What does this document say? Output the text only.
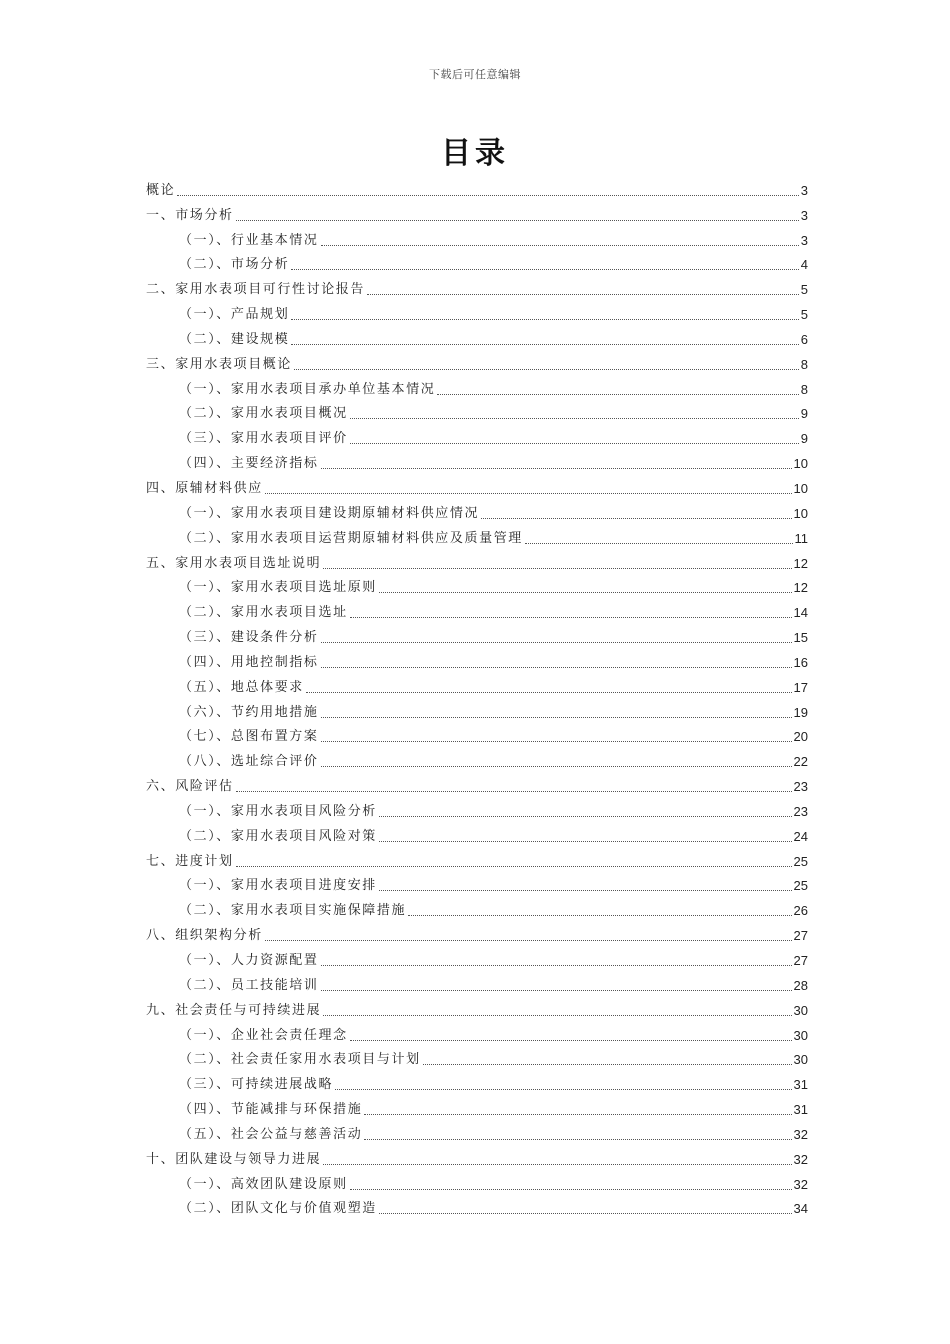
下载后可任意编辑
目录
概论	3
一、市场分析	3
（一）、行业基本情况	3
（二）、市场分析	4
二、家用水表项目可行性讨论报告	5
（一）、产品规划	5
（二）、建设规模	6
三、家用水表项目概论	8
（一）、家用水表项目承办单位基本情况	8
（二）、家用水表项目概况	9
（三）、家用水表项目评价	9
（四）、主要经济指标	10
四、原辅材料供应	10
（一）、家用水表项目建设期原辅材料供应情况	10
（二）、家用水表项目运营期原辅材料供应及质量管理	11
五、家用水表项目选址说明	12
（一）、家用水表项目选址原则	12
（二）、家用水表项目选址	14
（三）、建设条件分析	15
（四）、用地控制指标	16
（五）、地总体要求	17
（六）、节约用地措施	19
（七）、总图布置方案	20
（八）、选址综合评价	22
六、风险评估	23
（一）、家用水表项目风险分析	23
（二）、家用水表项目风险对策	24
七、进度计划	25
（一）、家用水表项目进度安排	25
（二）、家用水表项目实施保障措施	26
八、组织架构分析	27
（一）、人力资源配置	27
（二）、员工技能培训	28
九、社会责任与可持续进展	30
（一）、企业社会责任理念	30
（二）、社会责任家用水表项目与计划	30
（三）、可持续进展战略	31
（四）、节能减排与环保措施	31
（五）、社会公益与慈善活动	32
十、团队建设与领导力进展	32
（一）、高效团队建设原则	32
（二）、团队文化与价值观塑造	34
